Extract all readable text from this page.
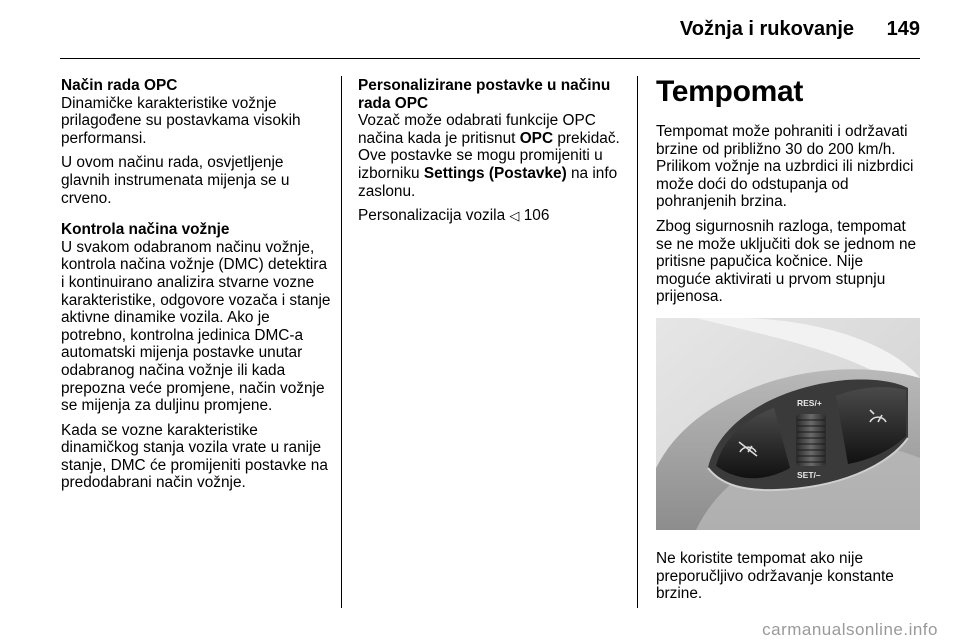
Vožnja i rukovanje 149
Način rada OPC

Dinamičke karakteristike vožnje prilagođene su postavkama visokih performansi.

U ovom načinu rada, osvjetljenje glavnih instrumenata mijenja se u crveno.

Kontrola načina vožnje

U svakom odabranom načinu vožnje, kontrola načina vožnje (DMC) detektira i kontinuirano analizira stvarne vozne karakteristike, odgovore vozača i stanje aktivne dinamike vozila. Ako je potrebno, kontrolna jedinica DMC-a automatski mijenja postavke unutar odabranog načina vožnje ili kada prepozna veće promjene, način vožnje se mijenja za duljinu promjene.

Kada se vozne karakteristike dinamičkog stanja vozila vrate u ranije stanje, DMC će promijeniti postavke na predodabrani način vožnje.

Personalizirane postavke u načinu rada OPC

Vozač može odabrati funkcije OPC načina kada je pritisnut OPC prekidač. Ove postavke se mogu promijeniti u izborniku Settings (Postavke) na info zaslonu.

Personalizacija vozila ◁ 106

Tempomat

Tempomat može pohraniti i održavati brzine od približno 30 do 200 km/h. Prilikom vožnje na uzbrdici ili nizbrdici može doći do odstupanja od pohranjenih brzina.

Zbog sigurnosnih razloga, tempomat se ne može uključiti dok se jednom ne pritisne papučica kočnice. Nije moguće aktivirati u prvom stupnju prijenosa.

RES/+
SET/–

Ne koristite tempomat ako nije preporučljivo održavanje konstante brzine.

carmanualsonline.info
